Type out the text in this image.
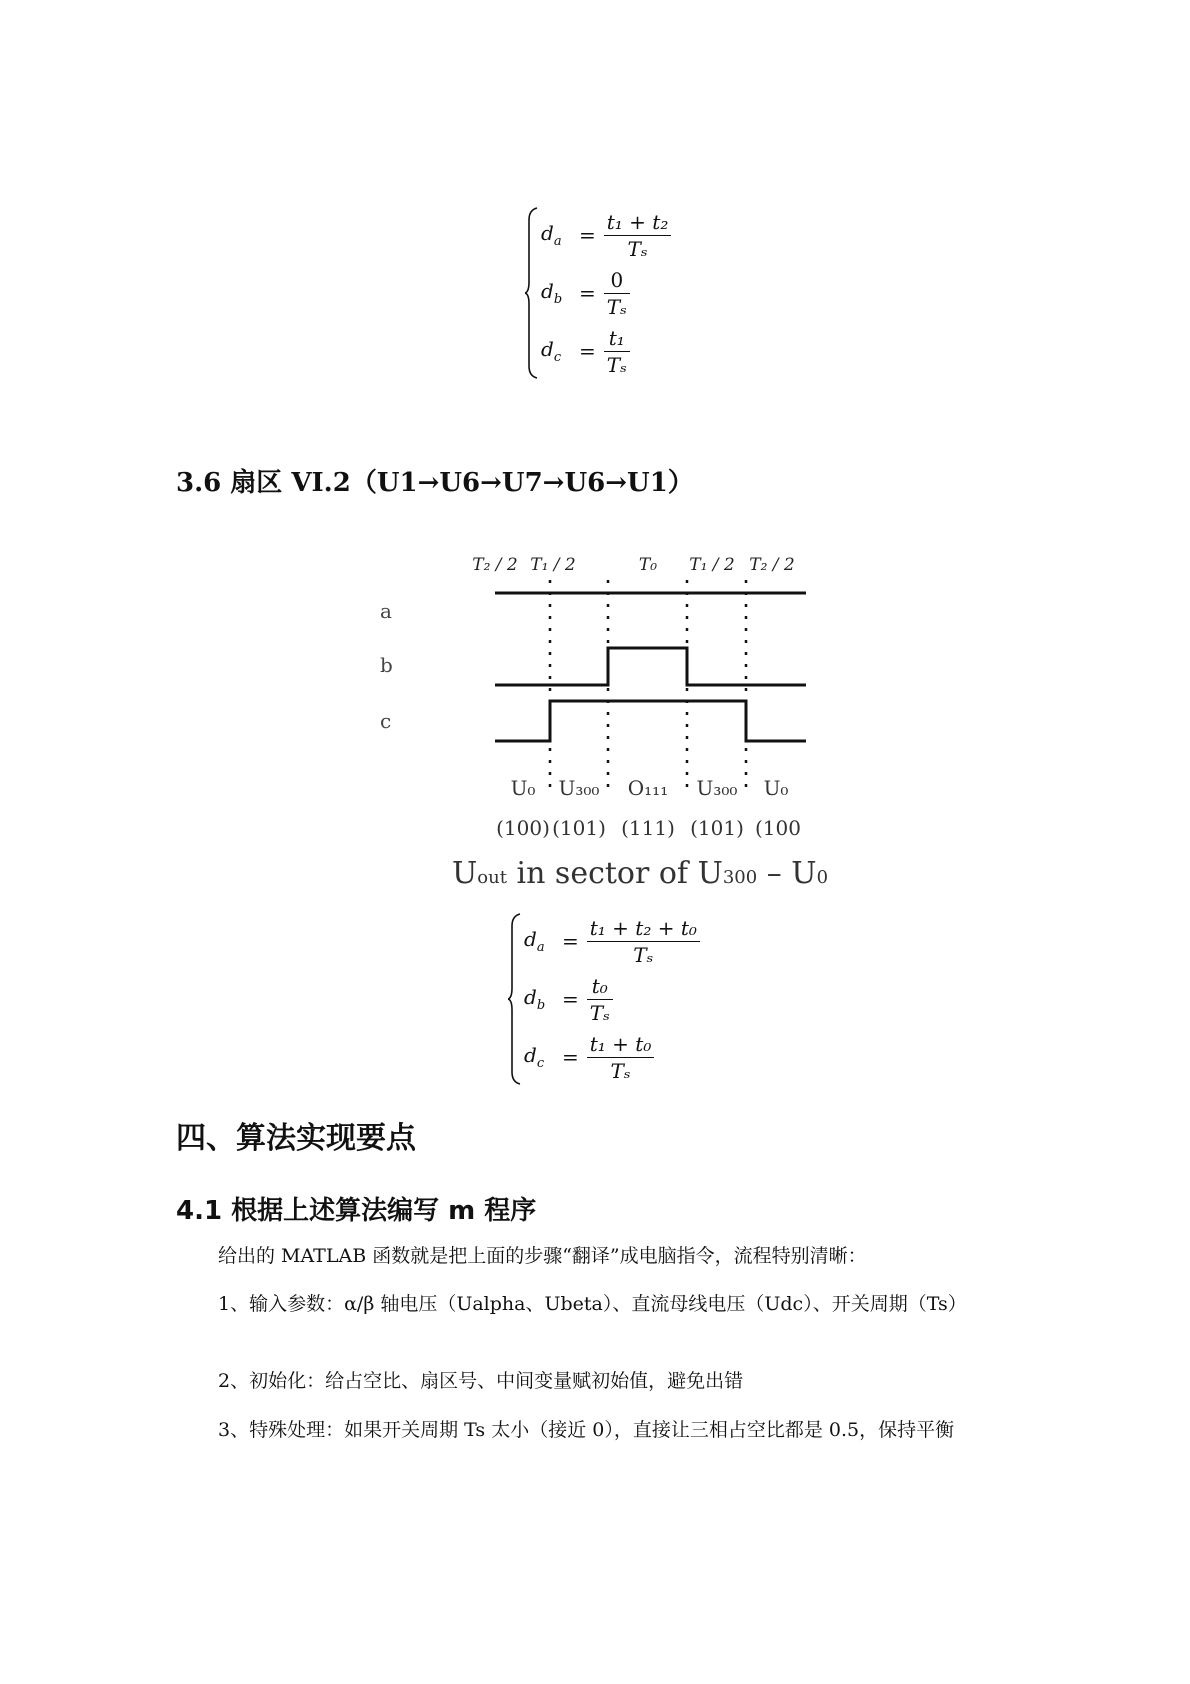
$d_a = \frac{\text{t₁ + t₂}}{\text{Tₛ}}$
$d_b = \frac{0}{\text{Tₛ}}$
$d_c = \frac{\text{t₁}}{\text{Tₛ}}$
3.6 扇区 VI.2（U1→U6→U7→U6→U1）
T₂ / 2 T₁ / 2	T₀ T₁ / 2 T₂ / 2
a
b
c
U₀ U₃₀₀ O₁₁₁ U₃₀₀ U₀
(100) (101) (111) (101) (100
Uout in sector of U300 – U0
$d_a = \frac{\text{t₁ + t₂ + t₀}}{\text{Tₛ}}$
$d_b = \frac{\text{t₀}}{\text{Tₛ}}$
$d_c = \frac{\text{t₁ + t₀}}{\text{Tₛ}}$
四、算法实现要点
4.1 根据上述算法编写 m 程序
给出的 MATLAB 函数就是把上面的步骤“翻译”成电脑指令，流程特别清晰：
1、输入参数：α/β 轴电压（Ualpha、Ubeta）、直流母线电压（Udc）、开关周期（Ts）
2、初始化：给占空比、扇区号、中间变量赋初始值，避免出错
3、特殊处理：如果开关周期 Ts 太小（接近 0），直接让三相占空比都是 0.5，保持平衡
